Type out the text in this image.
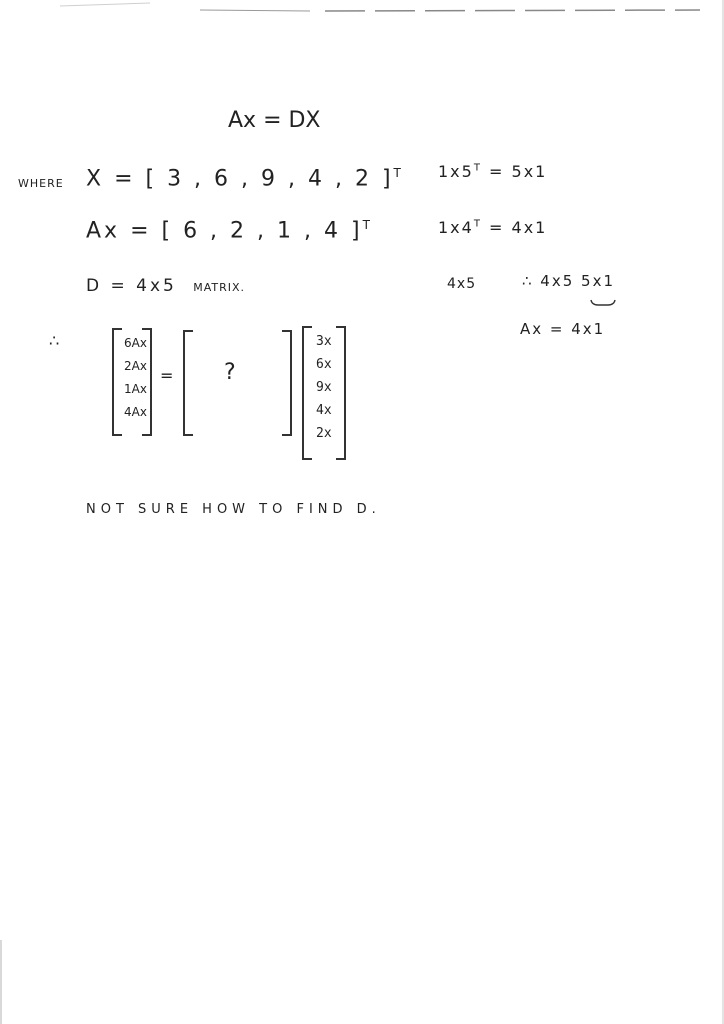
Ax = DX
WHERE X = [ 3 , 6 , 9 , 4 , 2 ]$^T$
Ax = [ 6 , 2 , 1 , 4 ]$^T$
D = 4x5 MATRIX.
$1x5^T = 5x1$
$1x4^T = 4x1$
4x5	∴ 4x5 5x1
Ax = 4x1
∴	6Ax
2Ax
1Ax
4Ax
= ?
3x
6x
9x
4x
2x
NOT SURE HOW TO FIND D.
